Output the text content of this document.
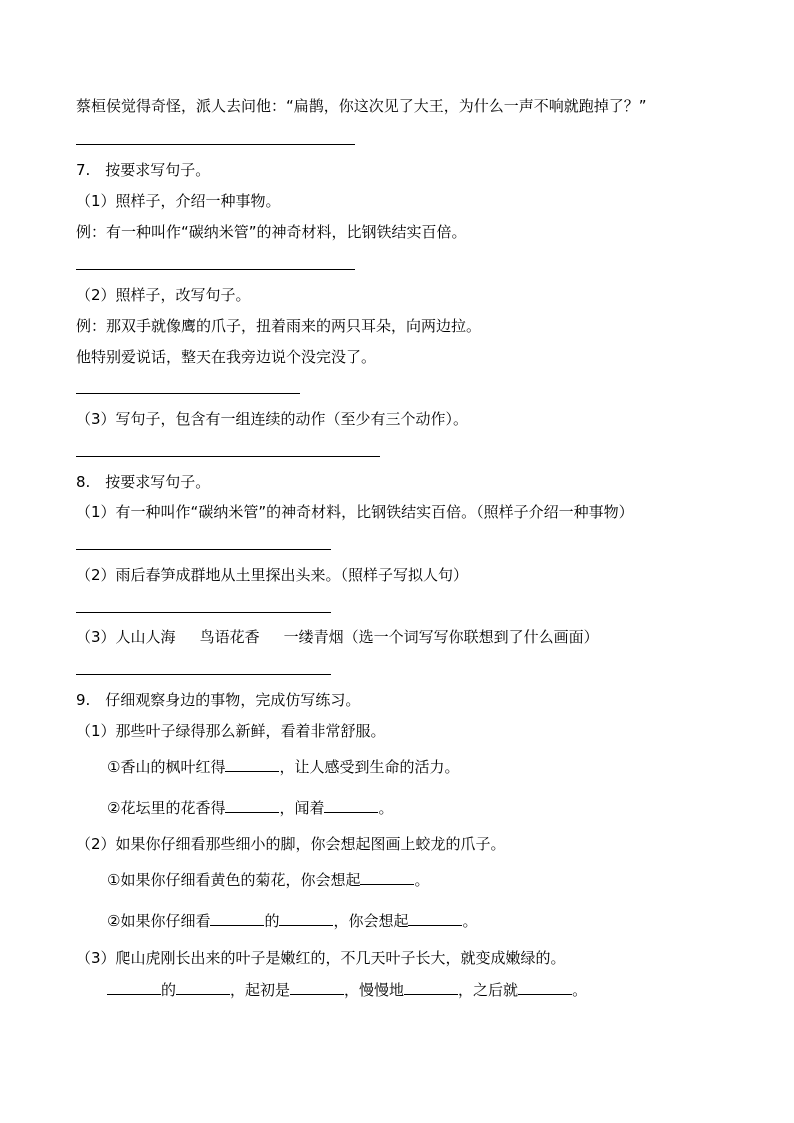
蔡桓侯觉得奇怪，派人去问他：“扁鹊，你这次见了大王，为什么一声不响就跑掉了？”
7.　按要求写句子。
（1）照样子，介绍一种事物。
例：有一种叫作“碳纳米管”的神奇材料，比钢铁结实百倍。
（2）照样子，改写句子。
例：那双手就像鹰的爪子，扭着雨来的两只耳朵，向两边拉。
他特别爱说话，整天在我旁边说个没完没了。
（3）写句子，包含有一组连续的动作（至少有三个动作）。
8.　按要求写句子。
（1）有一种叫作“碳纳米管”的神奇材料，比钢铁结实百倍。（照样子介绍一种事物）
（2）雨后春笋成群地从土里探出头来。（照样子写拟人句）
（3）人山人海 鸟语花香 一缕青烟（选一个词写写你联想到了什么画面）
9.　仔细观察身边的事物，完成仿写练习。
（1）那些叶子绿得那么新鲜，看着非常舒服。
①香山的枫叶红得	，让人感受到生命的活力。
②花坛里的花香得	，闻着	。
（2）如果你仔细看那些细小的脚，你会想起图画上蛟龙的爪子。
①如果你仔细看黄色的菊花，你会想起	。
②如果你仔细看	的	，你会想起	。
（3）爬山虎刚长出来的叶子是嫩红的，不几天叶子长大，就变成嫩绿的。
的	，起初是	，慢慢地	，之后就	。
